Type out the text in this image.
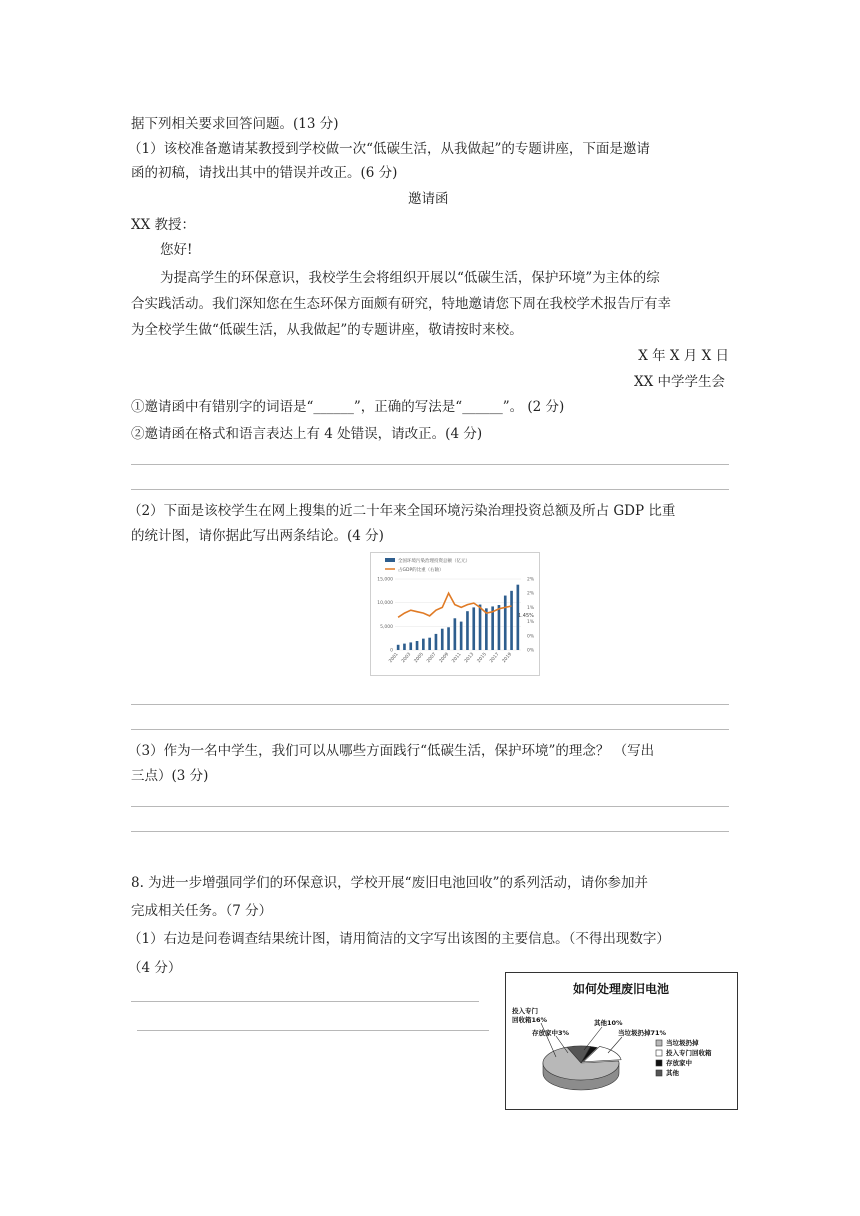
据下列相关要求回答问题。(13 分)
（1）该校准备邀请某教授到学校做一次“低碳生活，从我做起”的专题讲座，下面是邀请
函的初稿，请找出其中的错误并改正。(6 分)
邀请函
XX 教授：
您好!
为提高学生的环保意识，我校学生会将组织开展以“低碳生活，保护环境”为主体的综
合实践活动。我们深知您在生态环保方面颇有研究，特地邀请您下周在我校学术报告厅有幸
为全校学生做“低碳生活，从我做起”的专题讲座，敬请按时来校。
X 年 X 月 X 日
XX 中学学生会
①邀请函中有错别字的词语是“______”，正确的写法是“______”。 (2 分)
②邀请函在格式和语言表达上有 4 处错误，请改正。(4 分)
（2）下面是该校学生在网上搜集的近二十年来全国环境污染治理投资总额及所占 GDP 比重
的统计图，请你据此写出两条结论。(4 分)
全国环境污染治理投资总额（亿元）
占GDP的比重（右轴）
15,000
10,000
5,000
0
2%
2%
1%
1%
0%
0%
1.45%
2001 2003 2005 2007 2009 2011 2013 2015 2017 2019
（3）作为一名中学生，我们可以从哪些方面践行“低碳生活，保护环境”的理念？ （写出
三点）(3 分)
8. 为进一步增强同学们的环保意识，学校开展“废旧电池回收”的系列活动，请你参加并
完成相关任务。（7 分）
（1）右边是问卷调查结果统计图，请用简洁的文字写出该图的主要信息。（不得出现数字）
（4 分）
如何处理废旧电池
投入专门
回收箱16%
存放家中3%
其他10%
当垃圾扔掉71%
当垃圾扔掉
投入专门回收箱
存放家中
其他
